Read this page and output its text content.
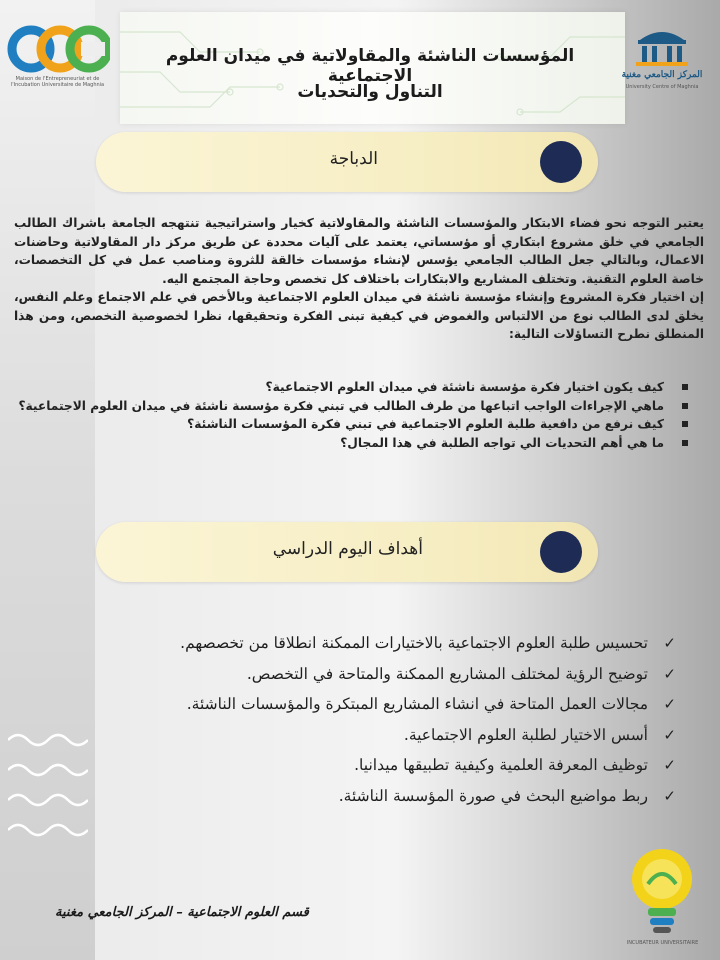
المؤسسات الناشئة والمقاولاتية في ميدان العلوم الاجتماعية
التناول والتحديات
Maison de l'Entrepreneuriat et de l'Incubation Universitaire de Maghnia
المركز الجامعي مغنية
University Centre of Maghnia
الدباجة

يعتبر التوجه نحو فضاء الابتكار والمؤسسات الناشئة والمقاولاتية كخيار واستراتيجية تنتهجه الجامعة باشراك الطالب الجامعي في خلق مشروع ابتكاري أو مؤسساتي، يعتمد على آليات محددة عن طريق مركز دار المقاولاتية وحاضنات الاعمال، وبالتالي جعل الطالب الجامعي يؤسس لإنشاء مؤسسات خالقة للثروة ومناصب عمل في كل التخصصات، خاصة العلوم التقنية. وتختلف المشاريع والابتكارات باختلاف كل تخصص وحاجة المجتمع اليه.

إن اختيار فكرة المشروع وإنشاء مؤسسة ناشئة في ميدان العلوم الاجتماعية وبالأخص في علم الاجتماع وعلم النفس، يخلق لدى الطالب نوع من الالتباس والغموض في كيفية تبنى الفكرة وتحقيقها، نظرا لخصوصية التخصص، ومن هذا المنطلق نطرح التساؤلات التالية:

كيف يكون اختيار فكرة مؤسسة ناشئة في ميدان العلوم الاجتماعية؟
ماهي الإجراءات الواجب اتباعها من طرف الطالب في تبني فكرة مؤسسة ناشئة في ميدان العلوم الاجتماعية؟
كيف نرفع من دافعية طلبة العلوم الاجتماعية في تبني فكرة المؤسسات الناشئة؟
ما هي أهم التحديات الي تواجه الطلبة في هذا المجال؟
أهداف اليوم الدراسي
✓
تحسيس طلبة العلوم الاجتماعية بالاختيارات الممكنة انطلاقا من تخصصهم.
✓
توضيح الرؤية لمختلف المشاريع الممكنة والمتاحة في التخصص.
✓
مجالات العمل المتاحة في انشاء المشاريع المبتكرة والمؤسسات الناشئة.
✓
أسس الاختيار لطلبة العلوم الاجتماعية.
✓
توظيف المعرفة العلمية وكيفية تطبيقها ميدانيا.
✓
ربط مواضيع البحث في صورة المؤسسة الناشئة.
قسم العلوم الاجتماعية – المركز الجامعي مغنية
INCUBATEUR UNIVERSITAIRE
